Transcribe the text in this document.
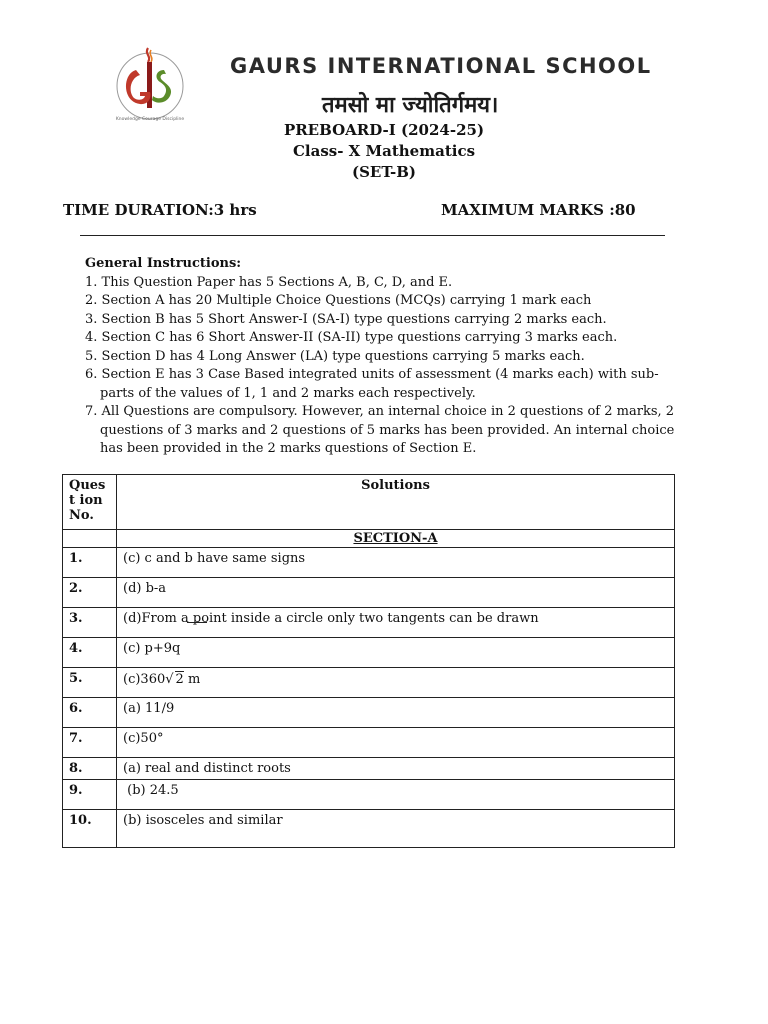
Knowledge Courage Discipline
GAURS INTERNATIONAL SCHOOL
तमसो मा ज्योतिर्गमय।
PREBOARD-I (2024-25)
Class- X Mathematics
(SET-B)
TIME DURATION:3 hrs	MAXIMUM MARKS :80
General Instructions:
1. This Question Paper has 5 Sections A, B, C, D, and E.
2. Section A has 20 Multiple Choice Questions (MCQs) carrying 1 mark each
3. Section B has 5 Short Answer-I (SA-I) type questions carrying 2 marks each.
4. Section C has 6 Short Answer-II (SA-II) type questions carrying 3 marks each.
5. Section D has 4 Long Answer (LA) type questions carrying 5 marks each.
6. Section E has 3 Case Based integrated units of assessment (4 marks each) with sub-parts of the values of 1, 1 and 2 marks each respectively.
7. All Questions are compulsory. However, an internal choice in 2 questions of 2 marks, 2 questions of 3 marks and 2 questions of 5 marks has been provided. An internal choice has been provided in the 2 marks questions of Section E.
Ques t ion No.	Solutions
	SECTION-A
1.	(c) c and b have same signs
2.	(d) b-a
3.	(d)From a point inside a circle only two tangents can be drawn
4.	(c) p+9q
5.	(c)360√ 2 m
6.	(a) 11/9
7.	(c)50°
8.	(a) real and distinct roots
9.	(b) 24.5
10.	(b) isosceles and similar
